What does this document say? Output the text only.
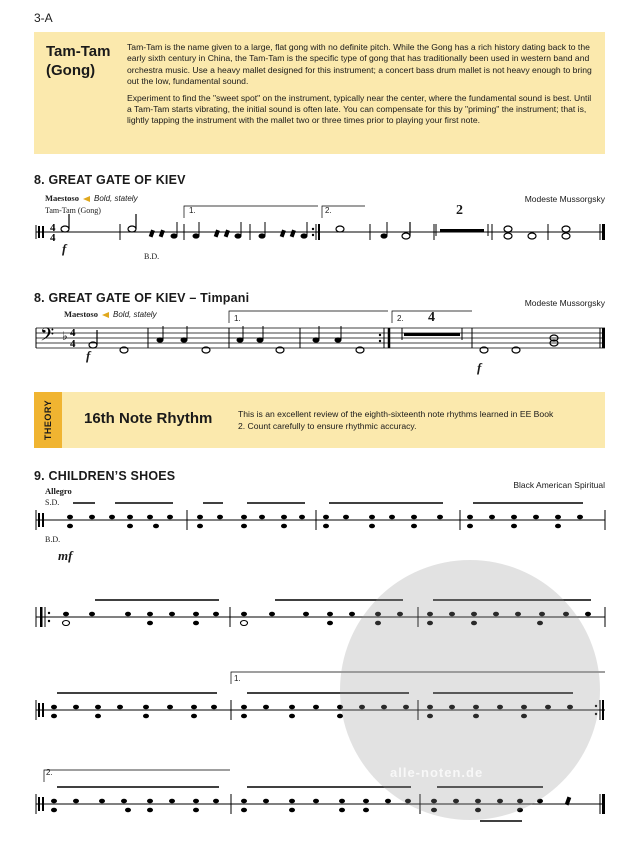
3-A
Tam-Tam (Gong)

Tam-Tam is the name given to a large, flat gong with no definite pitch. While the Gong has a rich history dating back to the early sixth century in China, the Tam-Tam is the specific type of gong that has traditionally been used in western band and orchestra music. Use a heavy mallet designed for this instrument; a concert bass drum mallet is not heavy enough to bring out the low, fundamental sound.

Experiment to find the "sweet spot" on the instrument, typically near the center, where the fundamental sound is best. Until a Tam-Tam starts vibrating, the initial sound is often late. You can compensate for this by "priming" the instrument; that is, lightly tapping the instrument with the mallet two or three times prior to playing your first note.

8. GREAT GATE OF KIEV
Modeste Mussorgsky
Maestoso Bold, stately
Tam-Tam (Gong)
B.D.
f
1.	2.	2
4
4
8. GREAT GATE OF KIEV – Timpani	Modeste Mussorgsky
Maestoso Bold, stately
f
f
1.	2. 4
𝄢 ♭ 4
4
THEORY 16th Note Rhythm	This is an excellent review of the eighth-sixteenth note rhythms learned in EE Book 2. Count carefully to ensure rhythmic accuracy.
9. CHILDREN’S SHOES
Black American Spiritual
Allegro
S.D.
B.D.
mf
1.
2.	alle-noten.de
